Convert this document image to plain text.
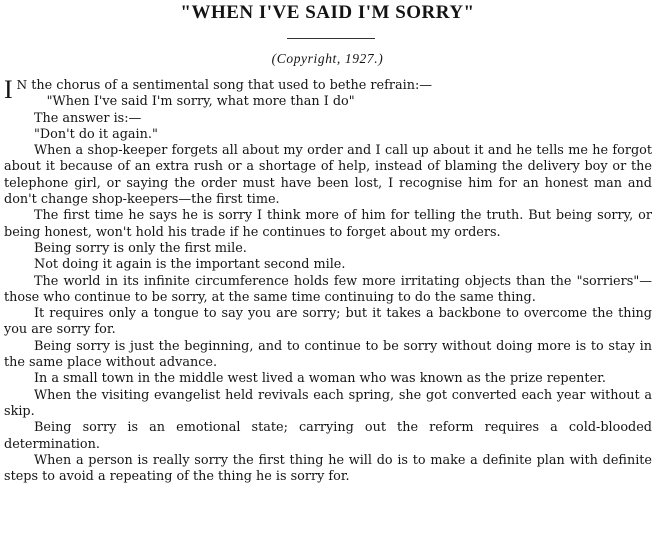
"WHEN I'VE SAID I'M SORRY"
(Copyright, 1927.)

I N the chorus of a sentimental song that used to bethe refrain:—

"When I've said I'm sorry, what more than I do"

The answer is:—

"Don't do it again."

When a shop-keeper forgets all about my order and I call up about it and he tells me he forgot about it because of an extra rush or a shortage of help, instead of blaming the delivery boy or the telephone girl, or saying the order must have been lost, I recognise him for an honest man and don't change shop-keepers—the first time.

The first time he says he is sorry I think more of him for telling the truth. But being sorry, or being honest, won't hold his trade if he continues to forget about my orders.

Being sorry is only the first mile.

Not doing it again is the important second mile.

The world in its infinite circumference holds few more irritating objects than the "sorriers"—those who continue to be sorry, at the same time continuing to do the same thing.

It requires only a tongue to say you are sorry; but it takes a backbone to overcome the thing you are sorry for.

Being sorry is just the beginning, and to continue to be sorry without doing more is to stay in the same place without advance.

In a small town in the middle west lived a woman who was known as the prize repenter.

When the visiting evangelist held revivals each spring, she got converted each year without a skip.

Being sorry is an emotional state; carrying out the reform requires a cold-blooded determination.

When a person is really sorry the first thing he will do is to make a definite plan with definite steps to avoid a repeating of the thing he is sorry for.
